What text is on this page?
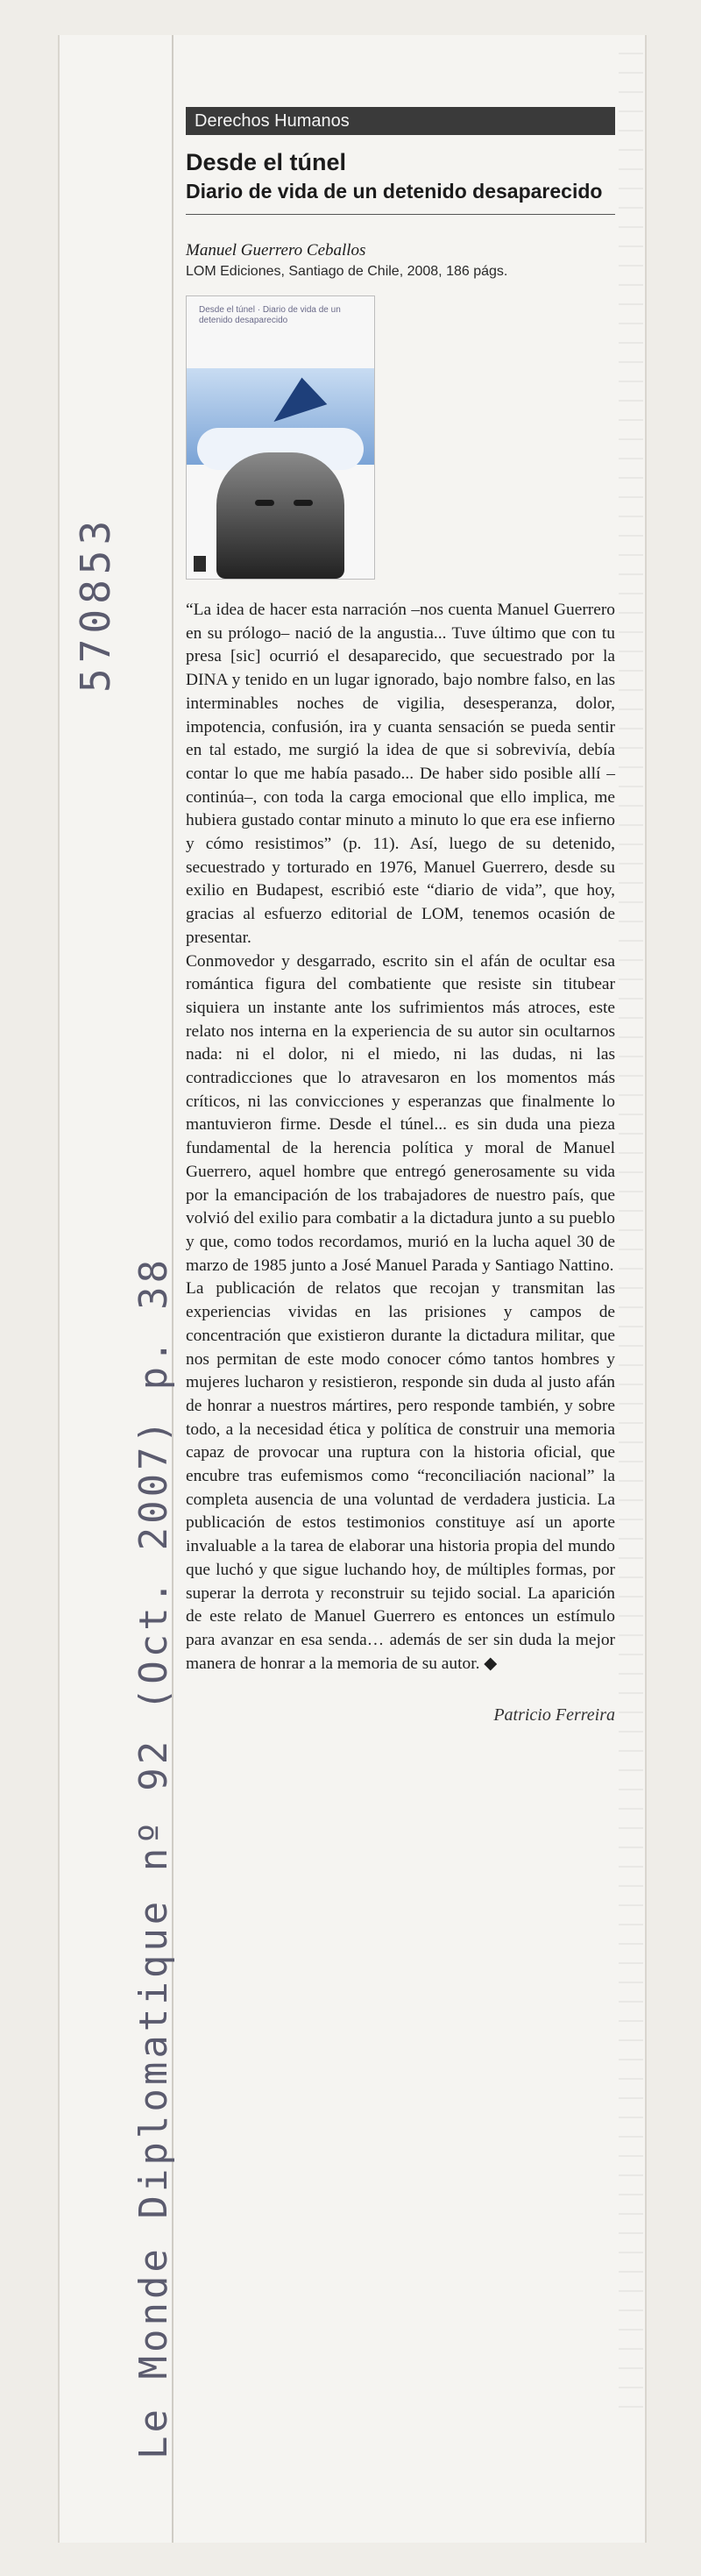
570853
Le Monde Diplomatique nº 92 (Oct. 2007) p. 38
Derechos Humanos
Desde el túnel
Diario de vida de un detenido desaparecido
Manuel Guerrero Ceballos
LOM Ediciones, Santiago de Chile, 2008, 186 págs.
Desde el túnel · Diario de vida de un detenido desaparecido

“La idea de hacer esta narración –nos cuenta Manuel Guerrero en su prólogo– nació de la angustia... Tuve último que con tu presa [sic] ocurrió el desaparecido, que secuestrado por la DINA y tenido en un lugar ignorado, bajo nombre falso, en las interminables noches de vigilia, desesperanza, dolor, impotencia, confusión, ira y cuanta sensación se pueda sentir en tal estado, me surgió la idea de que si sobrevivía, debía contar lo que me había pasado... De haber sido posible allí –continúa–, con toda la carga emocional que ello implica, me hubiera gustado contar minuto a minuto lo que era ese infierno y cómo resistimos” (p. 11). Así, luego de su detenido, secuestrado y torturado en 1976, Manuel Guerrero, desde su exilio en Budapest, escribió este “diario de vida”, que hoy, gracias al esfuerzo editorial de LOM, tenemos ocasión de presentar.

Conmovedor y desgarrado, escrito sin el afán de ocultar esa romántica figura del combatiente que resiste sin titubear siquiera un instante ante los sufrimientos más atroces, este relato nos interna en la experiencia de su autor sin ocultarnos nada: ni el dolor, ni el miedo, ni las dudas, ni las contradicciones que lo atravesaron en los momentos más críticos, ni las convicciones y esperanzas que finalmente lo mantuvieron firme. Desde el túnel... es sin duda una pieza fundamental de la herencia política y moral de Manuel Guerrero, aquel hombre que entregó generosamente su vida por la emancipación de los trabajadores de nuestro país, que volvió del exilio para combatir a la dictadura junto a su pueblo y que, como todos recordamos, murió en la lucha aquel 30 de marzo de 1985 junto a José Manuel Parada y Santiago Nattino.

La publicación de relatos que recojan y transmitan las experiencias vividas en las prisiones y campos de concentración que existieron durante la dictadura militar, que nos permitan de este modo conocer cómo tantos hombres y mujeres lucharon y resistieron, responde sin duda al justo afán de honrar a nuestros mártires, pero responde también, y sobre todo, a la necesidad ética y política de construir una memoria capaz de provocar una ruptura con la historia oficial, que encubre tras eufemismos como “reconciliación nacional” la completa ausencia de una voluntad de verdadera justicia. La publicación de estos testimonios constituye así un aporte invaluable a la tarea de elaborar una historia propia del mundo que luchó y que sigue luchando hoy, de múltiples formas, por superar la derrota y reconstruir su tejido social. La aparición de este relato de Manuel Guerrero es entonces un estímulo para avanzar en esa senda… además de ser sin duda la mejor manera de honrar a la memoria de su autor. ◆

Patricio Ferreira
